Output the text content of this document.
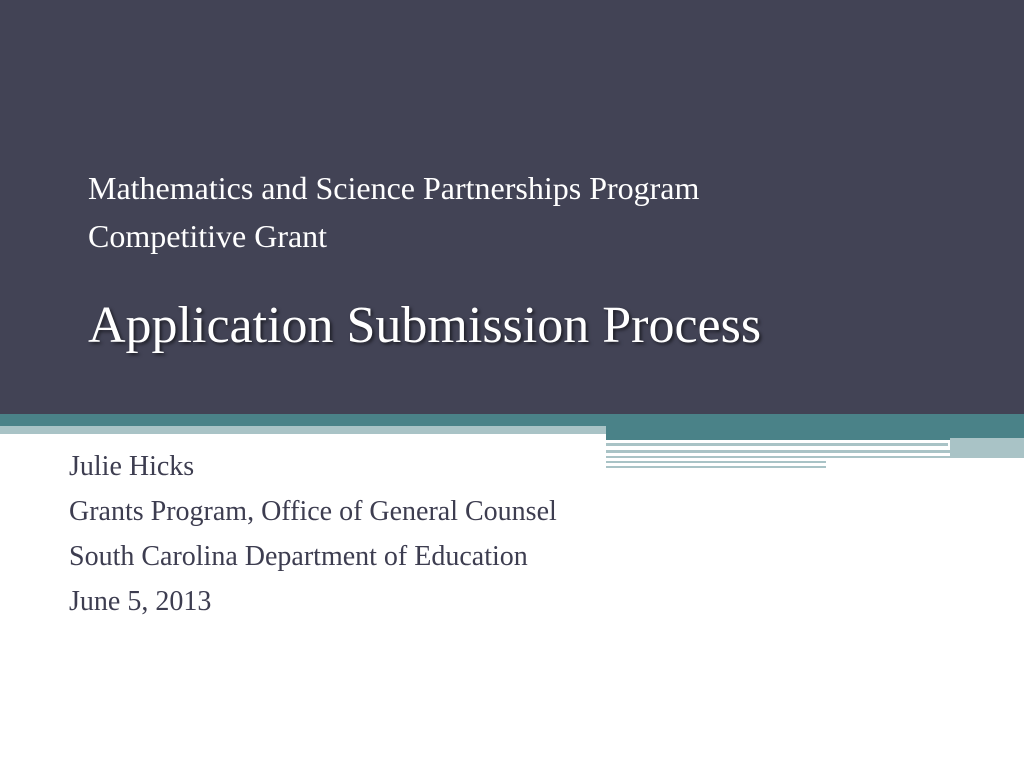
Mathematics and Science Partnerships Program
Competitive Grant
Application Submission Process
Julie Hicks
Grants Program, Office of General Counsel
South Carolina Department of Education
June 5, 2013
